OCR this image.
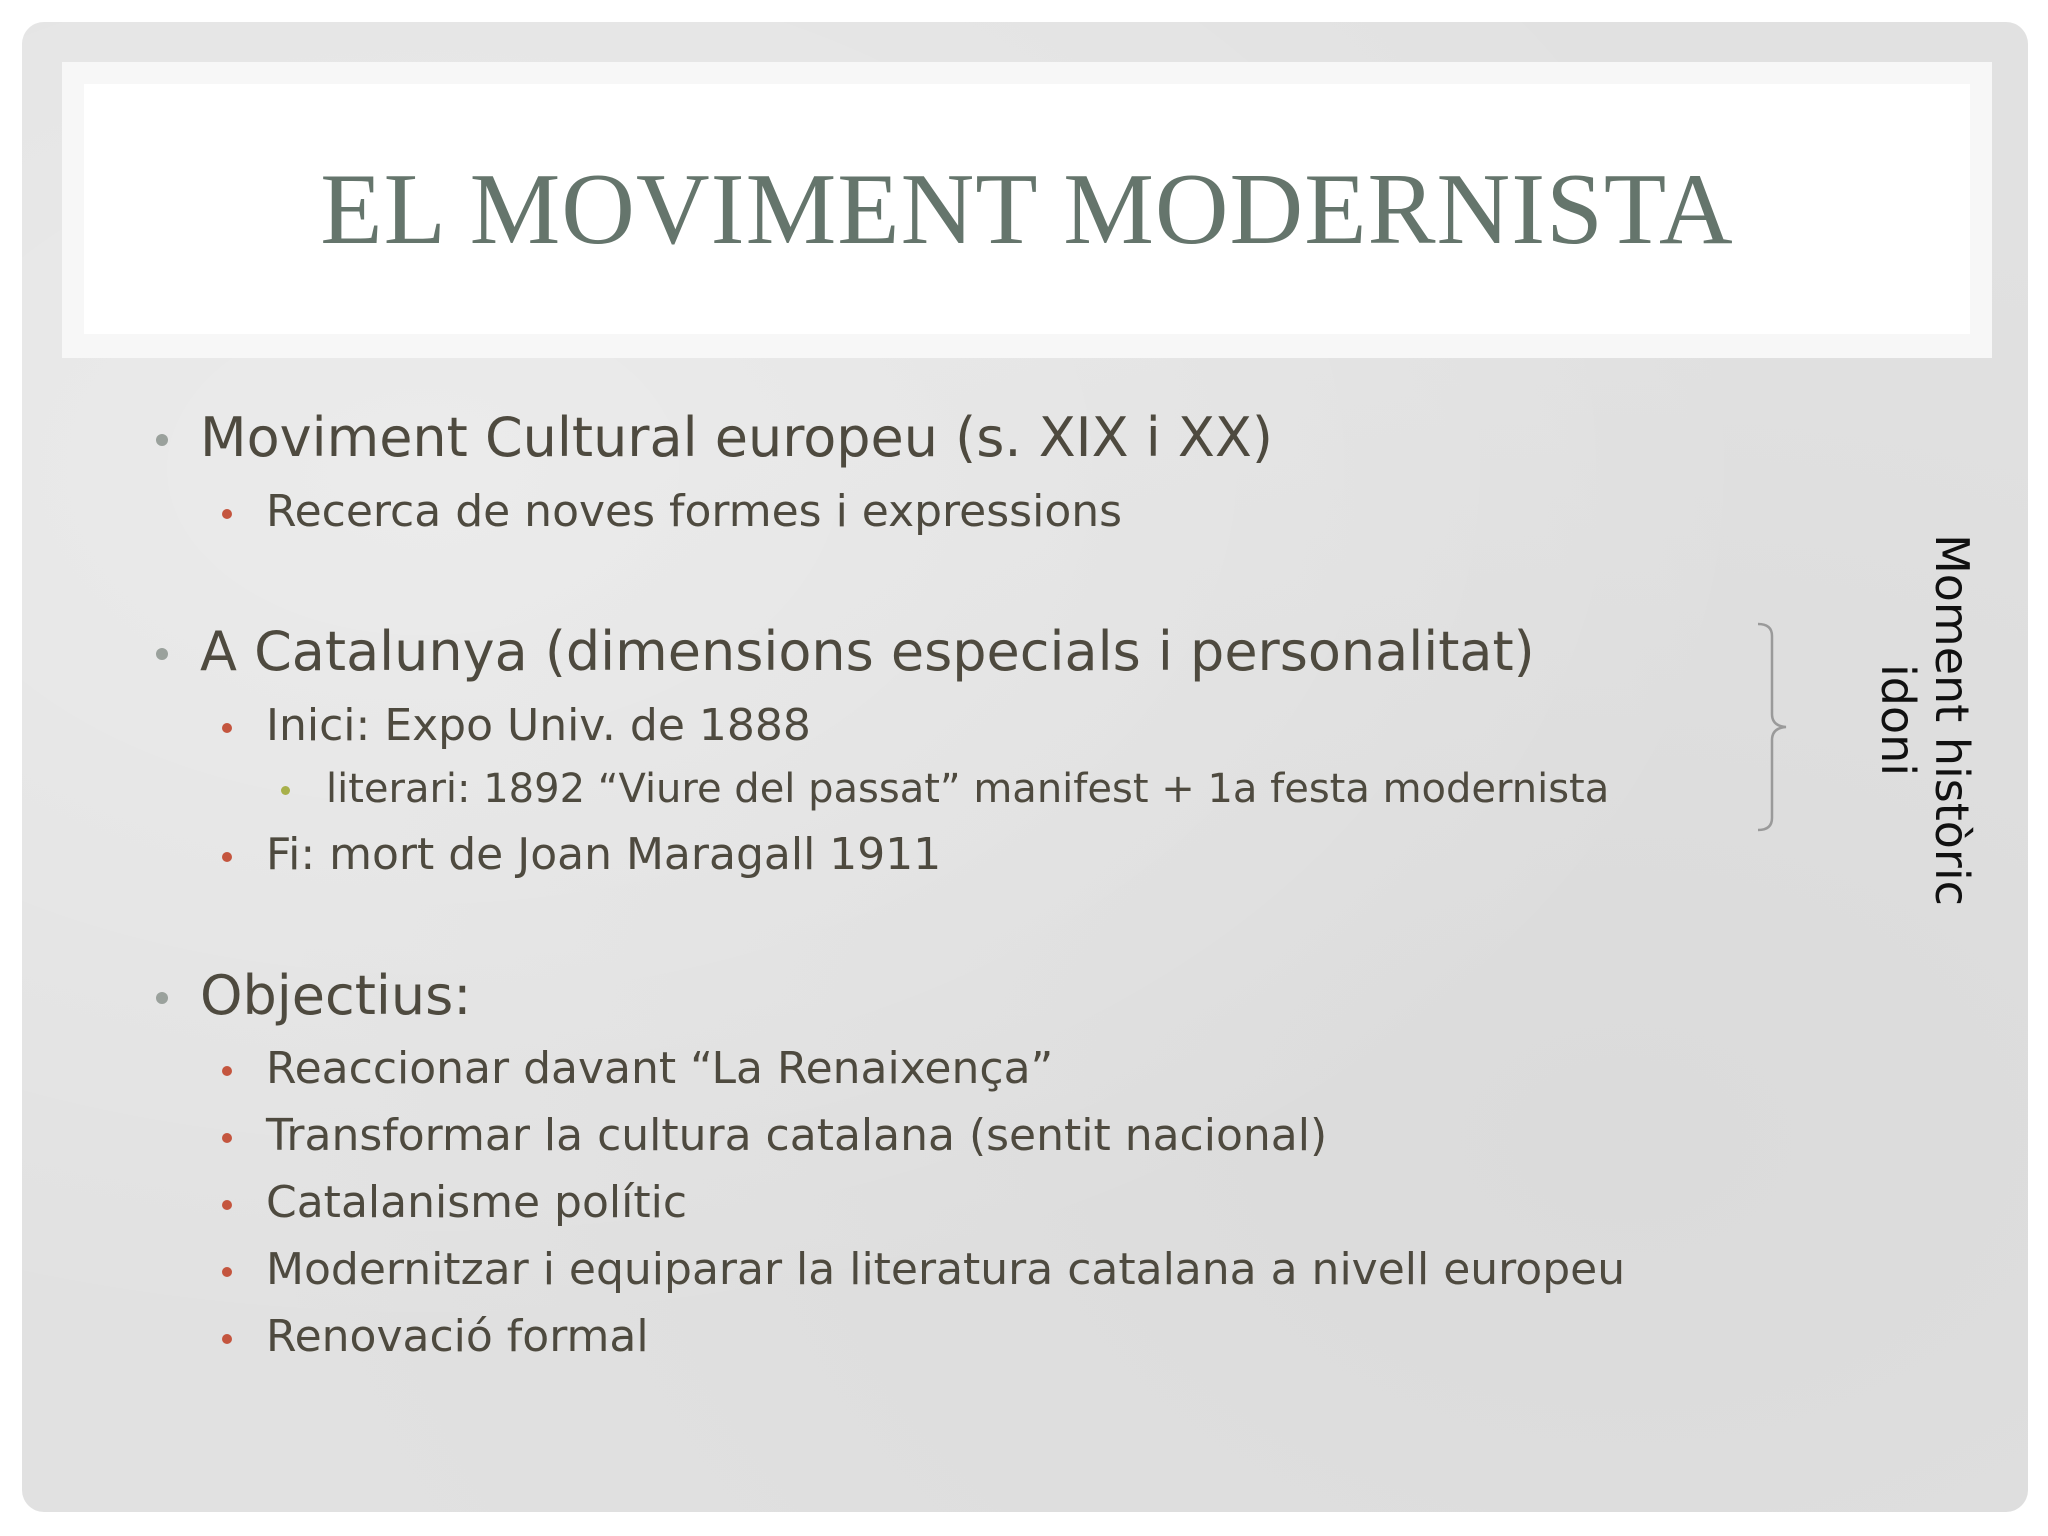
EL MOVIMENT MODERNISTA
Moviment Cultural europeu (s. XIX i XX)
Recerca de noves formes i expressions
A Catalunya (dimensions especials i personalitat)
Inici: Expo Univ. de 1888
literari: 1892 “Viure del passat” manifest + 1a festa modernista
Fi: mort de Joan Maragall 1911
Objectius:
Reaccionar davant “La Renaixença”
Transformar la cultura catalana (sentit nacional)
Catalanisme polític
Modernitzar i equiparar la literatura catalana a nivell europeu
Renovació formal
Moment històric
idoni
